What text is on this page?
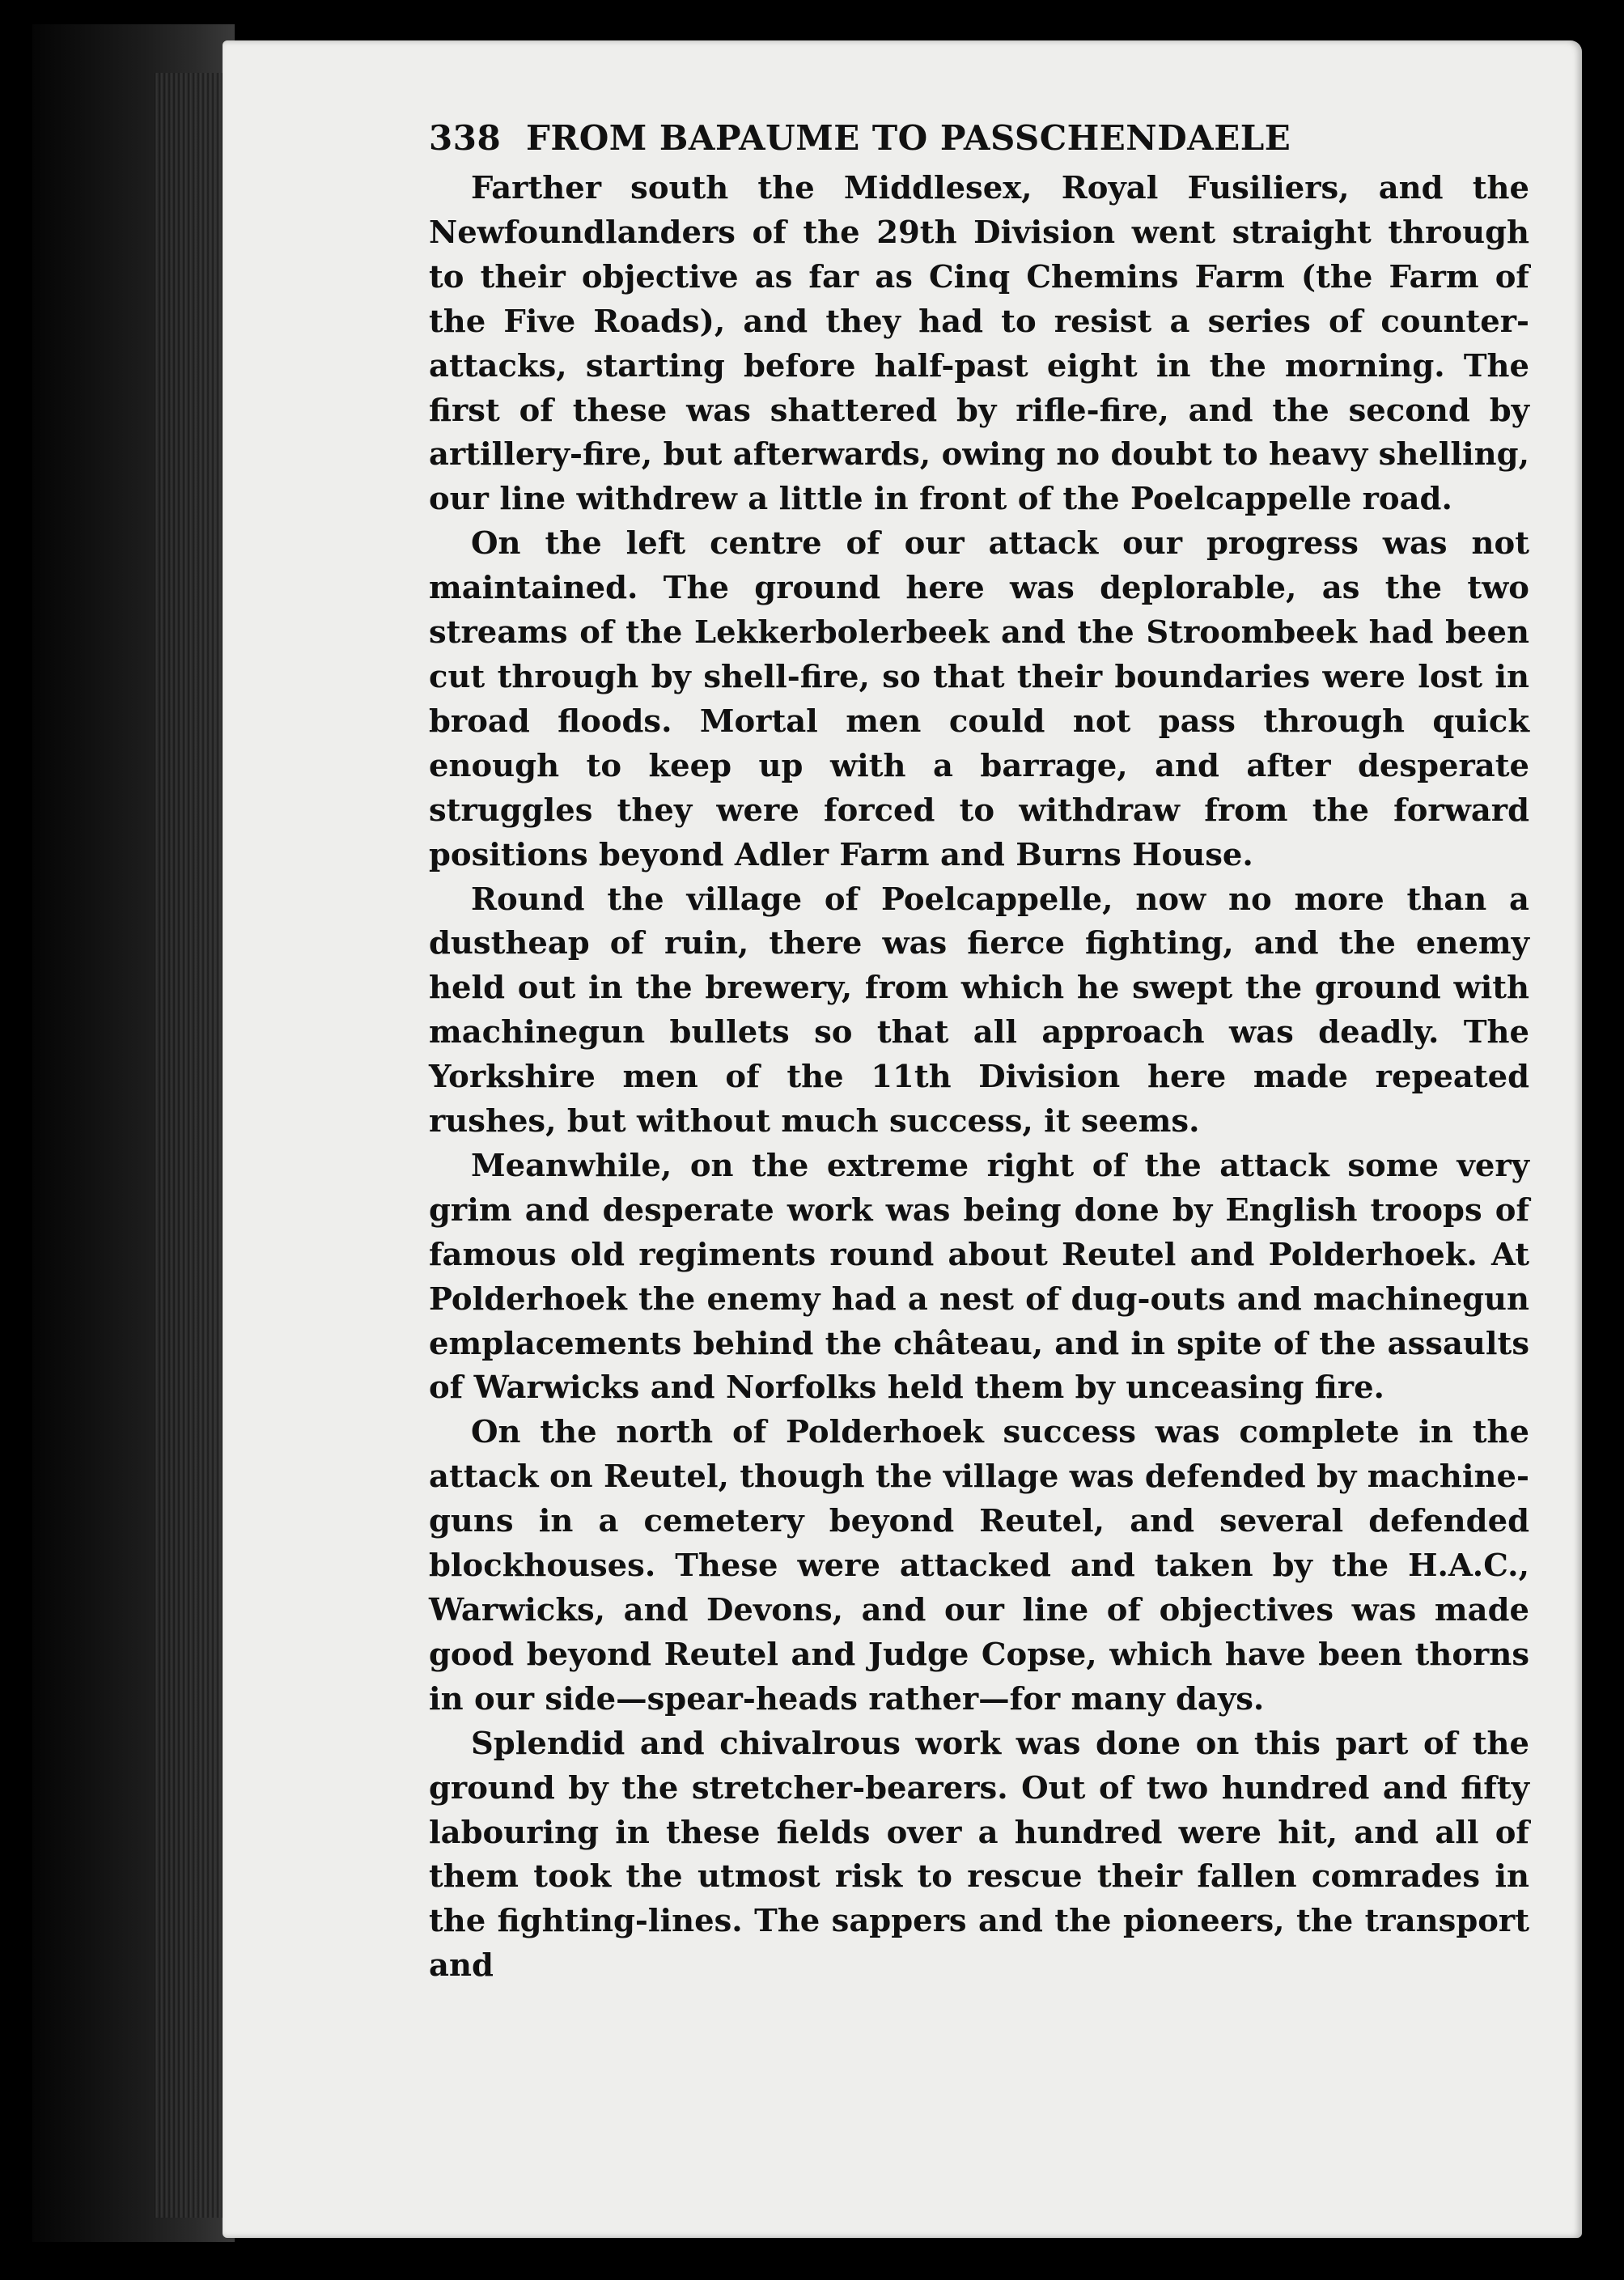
338 FROM BAPAUME TO PASSCHENDAELE

Farther south the Middlesex, Royal Fusiliers, and the Newfoundlanders of the 29th Division went straight through to their objective as far as Cinq Chemins Farm (the Farm of the Five Roads), and they had to resist a series of counter-attacks, starting before half-past eight in the morning. The first of these was shattered by rifle-fire, and the second by artillery-fire, but afterwards, owing no doubt to heavy shelling, our line withdrew a little in front of the Poelcappelle road.

On the left centre of our attack our progress was not maintained. The ground here was deplorable, as the two streams of the Lekkerbolerbeek and the Stroombeek had been cut through by shell-fire, so that their boundaries were lost in broad floods. Mortal men could not pass through quick enough to keep up with a barrage, and after desperate struggles they were forced to withdraw from the forward positions beyond Adler Farm and Burns House.

Round the village of Poelcappelle, now no more than a dustheap of ruin, there was fierce fighting, and the enemy held out in the brewery, from which he swept the ground with machinegun bullets so that all approach was deadly. The Yorkshire men of the 11th Division here made repeated rushes, but without much success, it seems.

Meanwhile, on the extreme right of the attack some very grim and desperate work was being done by English troops of famous old regiments round about Reutel and Polderhoek. At Polderhoek the enemy had a nest of dug-outs and machinegun emplacements behind the château, and in spite of the assaults of Warwicks and Norfolks held them by unceasing fire.

On the north of Polderhoek success was complete in the attack on Reutel, though the village was defended by machine-guns in a cemetery beyond Reutel, and several defended blockhouses. These were attacked and taken by the H.A.C., Warwicks, and Devons, and our line of objectives was made good beyond Reutel and Judge Copse, which have been thorns in our side—spear-heads rather—for many days.

Splendid and chivalrous work was done on this part of the ground by the stretcher-bearers. Out of two hundred and fifty labouring in these fields over a hundred were hit, and all of them took the utmost risk to rescue their fallen comrades in the fighting-lines. The sappers and the pioneers, the transport and
